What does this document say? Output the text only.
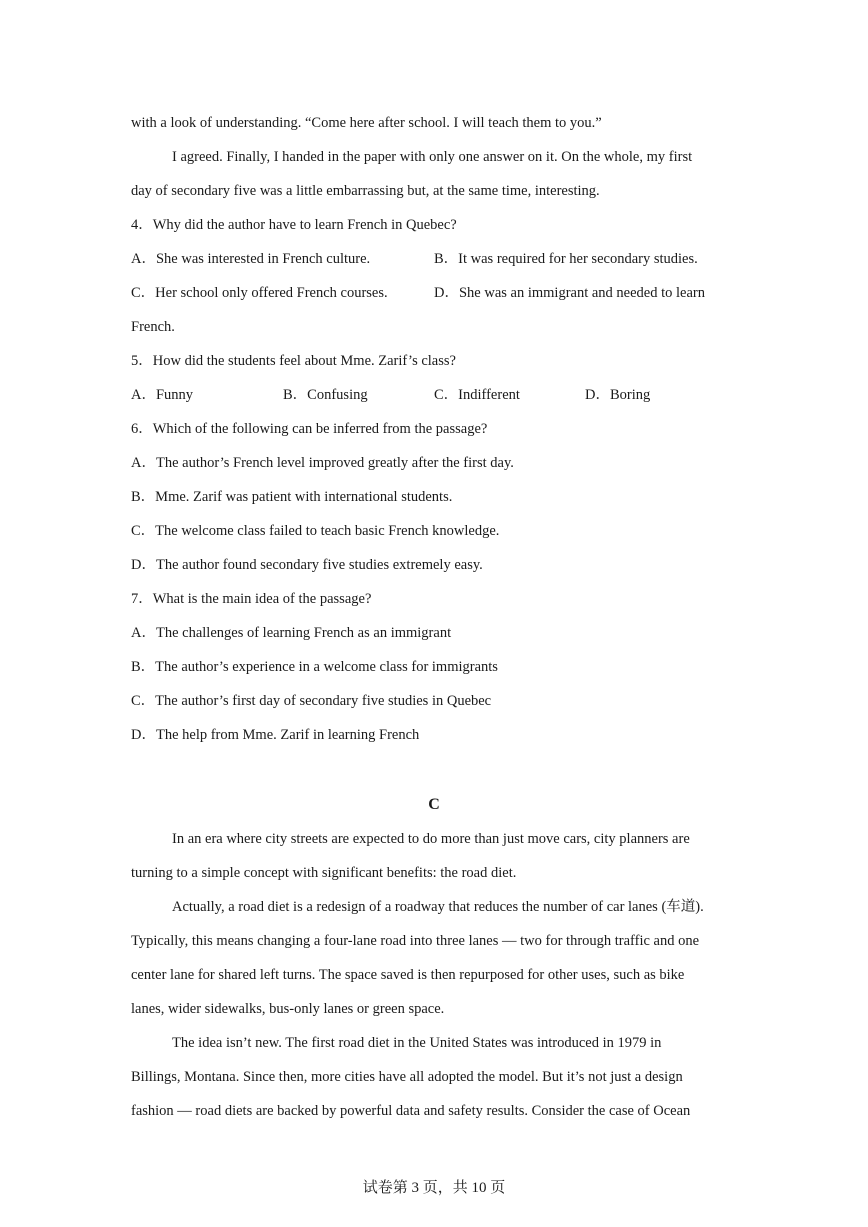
with a look of understanding. “Come here after school. I will teach them to you.”

I agreed. Finally, I handed in the paper with only one answer on it. On the whole, my first

day of secondary five was a little embarrassing but, at the same time, interesting.

4．Why did the author have to learn French in Quebec?

A．She was interested in French culture.	B．It was required for her secondary studies.

C．Her school only offered French courses.	D．She was an immigrant and needed to learn

French.

5．How did the students feel about Mme. Zarif’s class?

A．Funny	B．Confusing	C．Indifferent	D．Boring

6．Which of the following can be inferred from the passage?

A．The author’s French level improved greatly after the first day.

B．Mme. Zarif was patient with international students.

C．The welcome class failed to teach basic French knowledge.

D．The author found secondary five studies extremely easy.

7．What is the main idea of the passage?

A．The challenges of learning French as an immigrant

B．The author’s experience in a welcome class for immigrants

C．The author’s first day of secondary five studies in Quebec

D．The help from Mme. Zarif in learning French

C

In an era where city streets are expected to do more than just move cars, city planners are

turning to a simple concept with significant benefits: the road diet.

Actually, a road diet is a redesign of a roadway that reduces the number of car lanes (车道).

Typically, this means changing a four-lane road into three lanes — two for through traffic and one

center lane for shared left turns. The space saved is then repurposed for other uses, such as bike

lanes, wider sidewalks, bus-only lanes or green space.

The idea isn’t new. The first road diet in the United States was introduced in 1979 in

Billings, Montana. Since then, more cities have all adopted the model. But it’s not just a design

fashion — road diets are backed by powerful data and safety results. Consider the case of Ocean

试卷第 3 页，共 10 页
